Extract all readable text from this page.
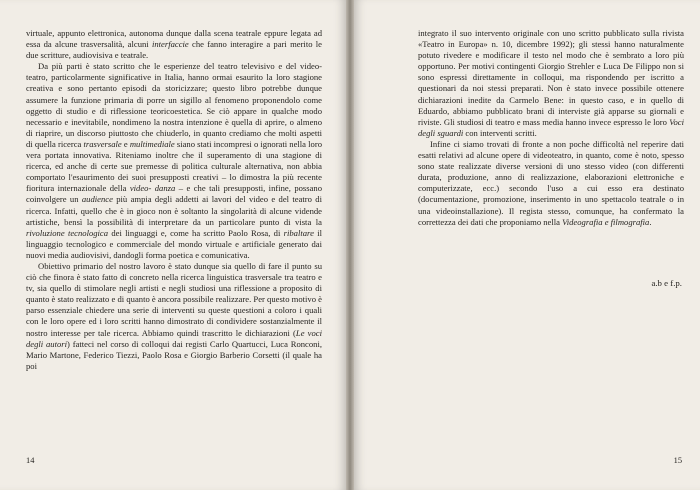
virtuale, appunto elettronica, autonoma dunque dalla scena teatrale eppure legata ad essa da alcune trasversalità, alcuni interfaccie che fanno interagire a pari merito le due scritture, audiovisiva e teatrale.

Da più parti è stato scritto che le esperienze del teatro televisivo e del video-teatro, particolarmente significative in Italia, hanno ormai esaurito la loro stagione creativa e sono pertanto episodi da storicizzare; questo libro potrebbe dunque assumere la funzione primaria di porre un sigillo al fenomeno proponendolo come oggetto di studio e di riflessione teoricoestetica. Se ciò appare in qualche modo necessario e inevitabile, nondimeno la nostra intenzione è quella di aprire, o almeno di riaprire, un discorso piuttosto che chiuderlo, in quanto crediamo che molti aspetti di quella ricerca trasversale e multimediale siano stati incompresi o ignorati nella loro vera portata innovativa. Riteniamo inoltre che il superamento di una stagione di ricerca, ed anche di certe sue premesse di politica culturale alternativa, non abbia comportato l'esaurimento dei suoi presupposti creativi – lo dimostra la più recente fioritura internazionale della video- danza – e che tali presupposti, infine, possano coinvolgere un audience più ampia degli addetti ai lavori del video e del teatro di ricerca. Infatti, quello che è in gioco non è soltanto la singolarità di alcune vidende artistiche, bensì la possibilità di interpretare da un particolare punto di vista la rivoluzione tecnologica dei linguaggi e, come ha scritto Paolo Rosa, di ribaltare il linguaggio tecnologico e commerciale del mondo virtuale e artificiale generato dai nuovi media audiovisivi, dandogli forma poetica e comunicativa.

Obiettivo primario del nostro lavoro è stato dunque sia quello di fare il punto su ciò che finora è stato fatto di concreto nella ricerca linguistica trasversale tra teatro e tv, sia quello di stimolare negli artisti e negli studiosi una riflessione a proposito di quanto è stato realizzato e di quanto è ancora possibile realizzare. Per questo motivo è parso essenziale chiedere una serie di interventi su queste questioni a coloro i quali con le loro opere ed i loro scritti hanno dimostrato di condividere sostanzialmente il nostro interesse per tale ricerca. Abbiamo quindi trascritto le dichiarazioni (Le voci degli autori) fatteci nel corso di colloqui dai registi Carlo Quartucci, Luca Ronconi, Mario Martone, Federico Tiezzi, Paolo Rosa e Giorgio Barberio Corsetti (il quale ha poi

14

integrato il suo intervento originale con uno scritto pubblicato sulla rivista «Teatro in Europa» n. 10, dicembre 1992); gli stessi hanno naturalmente potuto rivedere e modificare il testo nel modo che è sembrato a loro più opportuno. Per motivi contingenti Giorgio Strehler e Luca De Filippo non si sono espressi direttamente in colloqui, ma rispondendo per iscritto a questionari da noi stessi preparati. Non è stato invece possibile ottenere dichiarazioni inedite da Carmelo Bene: in questo caso, e in quello di Eduardo, abbiamo pubblicato brani di interviste già apparse su giornali e riviste. Gli studiosi di teatro e mass media hanno invece espresso le loro Voci degli sguardi con interventi scritti.

Infine ci siamo trovati di fronte a non poche difficoltà nel reperire dati esatti relativi ad alcune opere di videoteatro, in quanto, come è noto, spesso sono state realizzate diverse versioni di uno stesso video (con differenti durata, produzione, anno di realizzazione, elaborazioni elettroniche e computerizzate, ecc.) secondo l'uso a cui esso era destinato (documentazione, promozione, inserimento in uno spettacolo teatrale o in una videoinstallazione). Il regista stesso, comunque, ha confermato la correttezza dei dati che proponiamo nella Videografia e filmografia.

a.b e f.p.
15
